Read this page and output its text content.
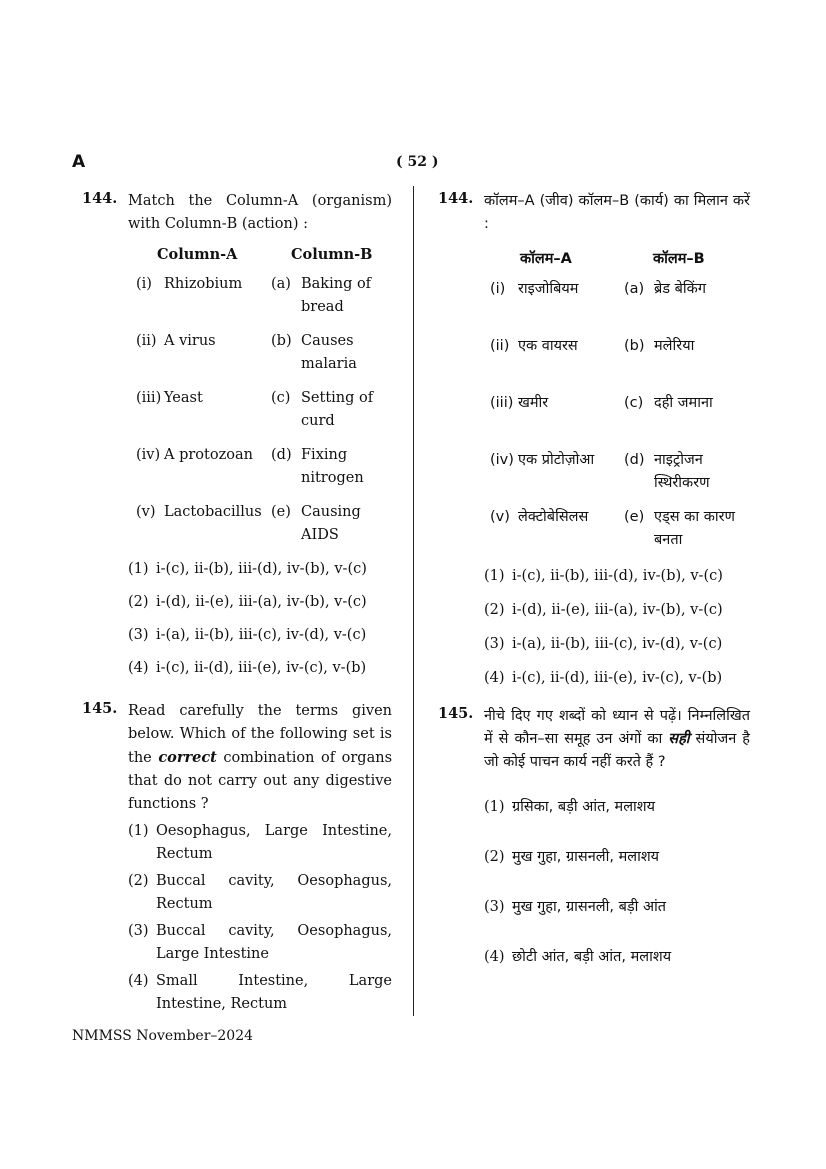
A	( 52 )
144. Match the Column-A (organism) with Column-B (action) :
Column-A	Column-B
(i) Rhizobium	(a) Baking of bread
(ii) A virus	(b) Causes malaria
(iii) Yeast	(c) Setting of curd
(iv) A protozoan	(d) Fixing nitrogen
(v) Lactobacillus (e) Causing AIDS
(1) i-(c), ii-(b), iii-(d), iv-(b), v-(c)
(2) i-(d), ii-(e), iii-(a), iv-(b), v-(c)
(3) i-(a), ii-(b), iii-(c), iv-(d), v-(c)
(4) i-(c), ii-(d), iii-(e), iv-(c), v-(b)
145. Read carefully the terms given below. Which of the following set is the correct combination of organs that do not carry out any digestive functions ?
(1) Oesophagus, Large Intestine, Rectum
(2) Buccal cavity, Oesophagus, Rectum
(3) Buccal cavity, Oesophagus, Large Intestine
(4) Small Intestine, Large Intestine, Rectum
144. कॉलम–A (जीव) कॉलम–B (कार्य) का मिलान करें :
कॉलम–A	कॉलम–B
(i) राइजोबियम	(a) ब्रेड बेकिंग
(ii) एक वायरस	(b) मलेरिया
(iii) खमीर	(c) दही जमाना
(iv) एक प्रोटोज़ोआ	(d) नाइट्रोजन स्थिरीकरण
(v) लेक्टोबेसिलस	(e) एड्स का कारण बनता
(1) i-(c), ii-(b), iii-(d), iv-(b), v-(c)
(2) i-(d), ii-(e), iii-(a), iv-(b), v-(c)
(3) i-(a), ii-(b), iii-(c), iv-(d), v-(c)
(4) i-(c), ii-(d), iii-(e), iv-(c), v-(b)
145. नीचे दिए गए शब्दों को ध्यान से पढ़ें। निम्नलिखित में से कौन–सा समूह उन अंगों का सही संयोजन है जो कोई पाचन कार्य नहीं करते हैं ?
(1) ग्रसिका, बड़ी आंत, मलाशय
(2) मुख गुहा, ग्रासनली, मलाशय
(3) मुख गुहा, ग्रासनली, बड़ी आंत
(4) छोटी आंत, बड़ी आंत, मलाशय
NMMSS November–2024
